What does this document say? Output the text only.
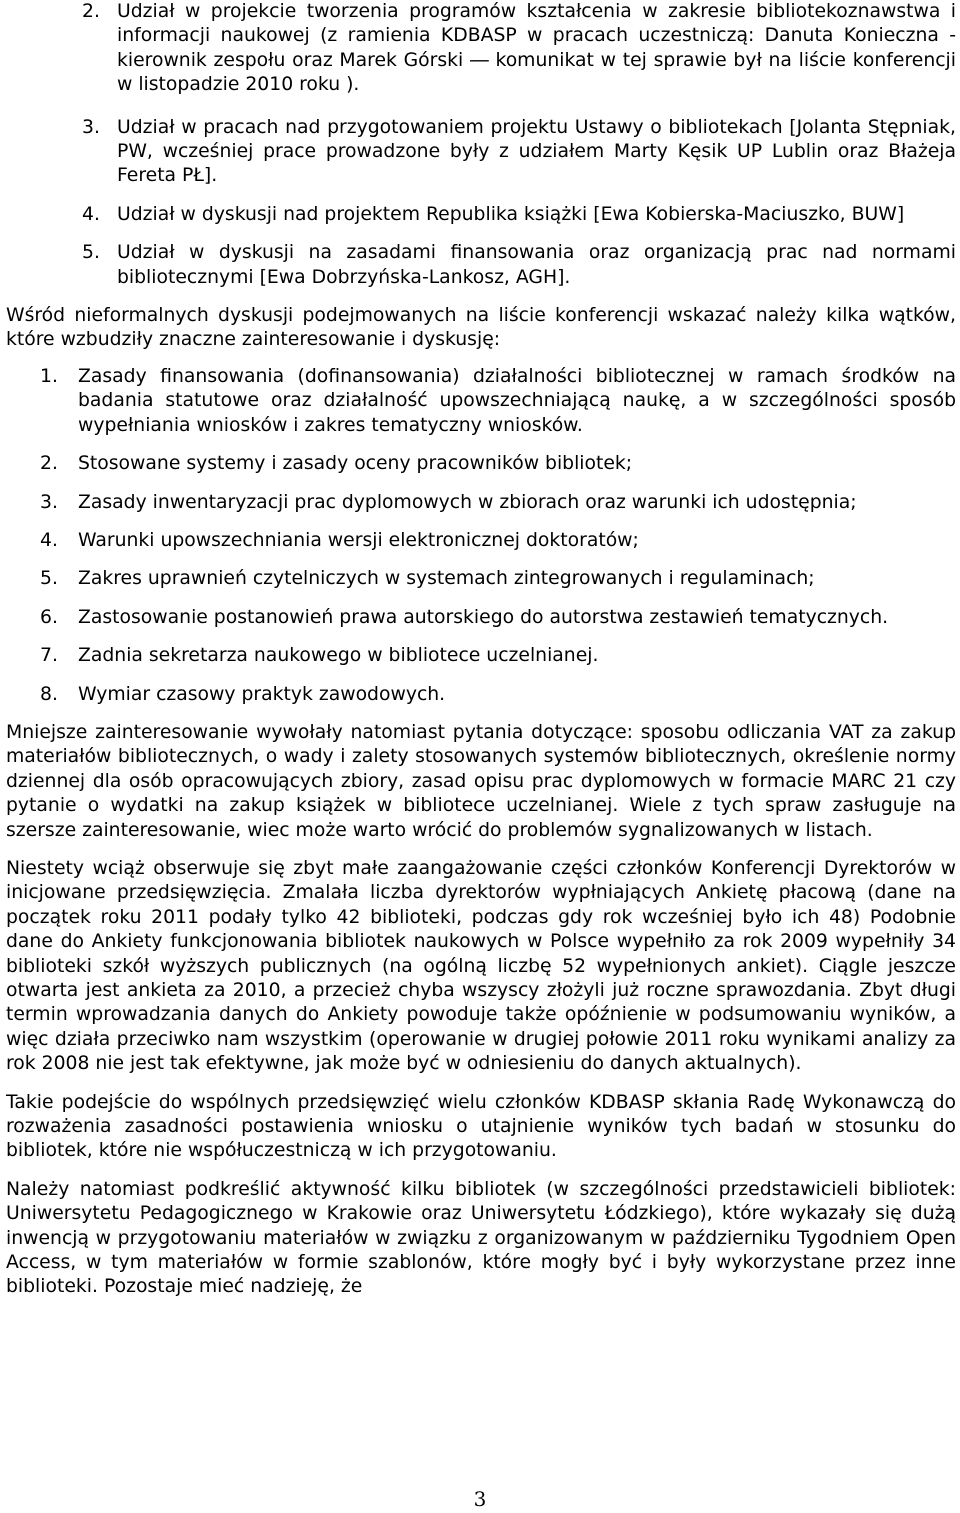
2. Udział w projekcie tworzenia programów kształcenia w zakresie bibliotekoznawstwa i informacji naukowej (z ramienia KDBASP w pracach uczestniczą: Danuta Konieczna - kierownik zespołu oraz Marek Górski ― komunikat w tej sprawie był na liście konferencji w listopadzie 2010 roku ).
3. Udział w pracach nad przygotowaniem projektu Ustawy o bibliotekach [Jolanta Stępniak, PW, wcześniej prace prowadzone były z udziałem Marty Kęsik UP Lublin oraz Błażeja Fereta PŁ].
4. Udział w dyskusji nad projektem Republika książki [Ewa Kobierska-Maciuszko, BUW]
5. Udział w dyskusji na zasadami finansowania oraz organizacją prac nad normami bibliotecznymi [Ewa Dobrzyńska-Lankosz, AGH].

Wśród nieformalnych dyskusji podejmowanych na liście konferencji wskazać należy kilka wątków, które wzbudziły znaczne zainteresowanie i dyskusję:

1. Zasady finansowania (dofinansowania) działalności bibliotecznej w ramach środków na badania statutowe oraz działalność upowszechniającą naukę, a w szczególności sposób wypełniania wniosków i zakres tematyczny wniosków.
2. Stosowane systemy i zasady oceny pracowników bibliotek;
3. Zasady inwentaryzacji prac dyplomowych w zbiorach oraz warunki ich udostępnia;
4. Warunki upowszechniania wersji elektronicznej doktoratów;
5. Zakres uprawnień czytelniczych w systemach zintegrowanych i regulaminach;
6. Zastosowanie postanowień prawa autorskiego do autorstwa zestawień tematycznych.
7. Zadnia sekretarza naukowego w bibliotece uczelnianej.
8. Wymiar czasowy praktyk zawodowych.

Mniejsze zainteresowanie wywołały natomiast pytania dotyczące: sposobu odliczania VAT za zakup materiałów bibliotecznych, o wady i zalety stosowanych systemów bibliotecznych, określenie normy dziennej dla osób opracowujących zbiory, zasad opisu prac dyplomowych w formacie MARC 21 czy pytanie o wydatki na zakup książek w bibliotece uczelnianej. Wiele z tych spraw zasługuje na szersze zainteresowanie, wiec może warto wrócić do problemów sygnalizowanych w listach.

Niestety wciąż obserwuje się zbyt małe zaangażowanie części członków Konferencji Dyrektorów w inicjowane przedsięwzięcia. Zmalała liczba dyrektorów wypłniających Ankietę płacową (dane na początek roku 2011 podały tylko 42 biblioteki, podczas gdy rok wcześniej było ich 48) Podobnie dane do Ankiety funkcjonowania bibliotek naukowych w Polsce wypełniło za rok 2009 wypełniły 34 biblioteki szkół wyższych publicznych (na ogólną liczbę 52 wypełnionych ankiet). Ciągle jeszcze otwarta jest ankieta za 2010, a przecież chyba wszyscy złożyli już roczne sprawozdania. Zbyt długi termin wprowadzania danych do Ankiety powoduje także opóźnienie w podsumowaniu wyników, a więc działa przeciwko nam wszystkim (operowanie w drugiej połowie 2011 roku wynikami analizy za rok 2008 nie jest tak efektywne, jak może być w odniesieniu do danych aktualnych).

Takie podejście do wspólnych przedsięwzięć wielu członków KDBASP skłania Radę Wykonawczą do rozważenia zasadności postawienia wniosku o utajnienie wyników tych badań w stosunku do bibliotek, które nie współuczestniczą w ich przygotowaniu.

Należy natomiast podkreślić aktywność kilku bibliotek (w szczególności przedstawicieli bibliotek: Uniwersytetu Pedagogicznego w Krakowie oraz Uniwersytetu Łódzkiego), które wykazały się dużą inwencją w przygotowaniu materiałów w związku z organizowanym w październiku Tygodniem Open Access, w tym materiałów w formie szablonów, które mogły być i były wykorzystane przez inne biblioteki. Pozostaje mieć nadzieję, że

3
